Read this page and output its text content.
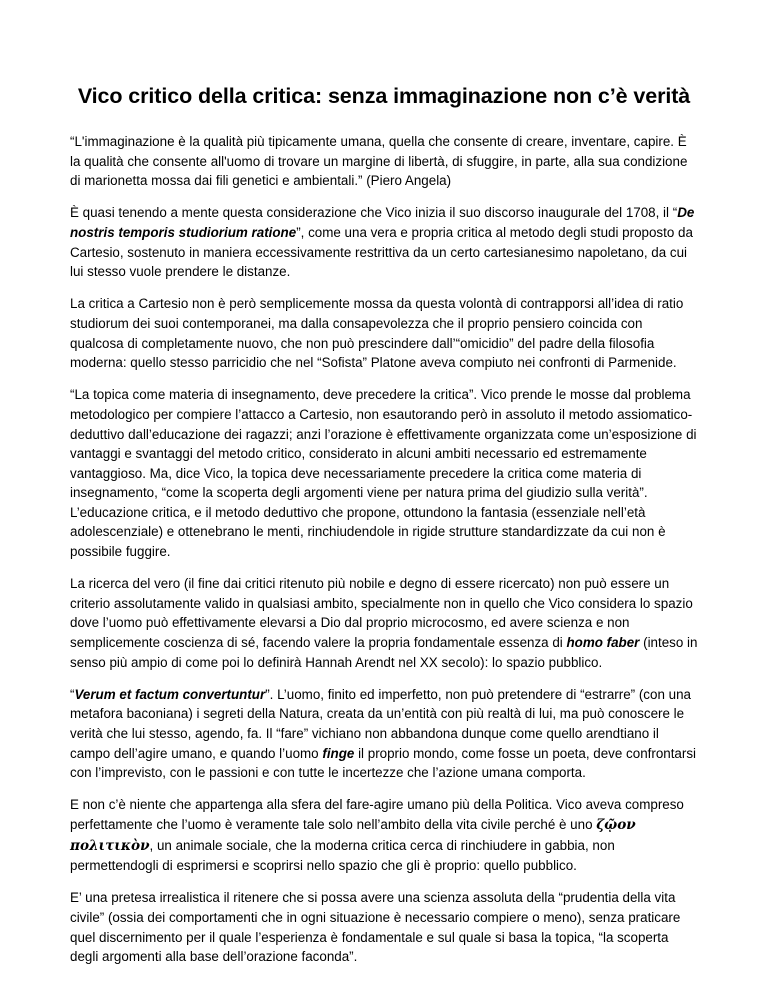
Vico critico della critica: senza immaginazione non c’è verità

“L'immaginazione è la qualità più tipicamente umana, quella che consente di creare, inventare, capire. È la qualità che consente all'uomo di trovare un margine di libertà, di sfuggire, in parte, alla sua condizione di marionetta mossa dai fili genetici e ambientali.” (Piero Angela)

È quasi tenendo a mente questa considerazione che Vico inizia il suo discorso inaugurale del 1708, il “De nostris temporis studiorium ratione”, come una vera e propria critica al metodo degli studi proposto da Cartesio, sostenuto in maniera eccessivamente restrittiva da un certo cartesianesimo napoletano, da cui lui stesso vuole prendere le distanze.

La critica a Cartesio non è però semplicemente mossa da questa volontà di contrapporsi all’idea di ratio studiorum dei suoi contemporanei, ma dalla consapevolezza che il proprio pensiero coincida con qualcosa di completamente nuovo, che non può prescindere dall’“omicidio” del padre della filosofia moderna: quello stesso parricidio che nel “Sofista” Platone aveva compiuto nei confronti di Parmenide.

“La topica come materia di insegnamento, deve precedere la critica”. Vico prende le mosse dal problema metodologico per compiere l’attacco a Cartesio, non esautorando però in assoluto il metodo assiomatico-deduttivo dall’educazione dei ragazzi; anzi l’orazione è effettivamente organizzata come un’esposizione di vantaggi e svantaggi del metodo critico, considerato in alcuni ambiti necessario ed estremamente vantaggioso. Ma, dice Vico, la topica deve necessariamente precedere la critica come materia di insegnamento, “come la scoperta degli argomenti viene per natura prima del giudizio sulla verità”. L’educazione critica, e il metodo deduttivo che propone, ottundono la fantasia (essenziale nell’età adolescenziale) e ottenebrano le menti, rinchiudendole in rigide strutture standardizzate da cui non è possibile fuggire.

La ricerca del vero (il fine dai critici ritenuto più nobile e degno di essere ricercato) non può essere un criterio assolutamente valido in qualsiasi ambito, specialmente non in quello che Vico considera lo spazio dove l’uomo può effettivamente elevarsi a Dio dal proprio microcosmo, ed avere scienza e non semplicemente coscienza di sé, facendo valere la propria fondamentale essenza di homo faber (inteso in senso più ampio di come poi lo definirà Hannah Arendt nel XX secolo): lo spazio pubblico.

“Verum et factum convertuntur”. L’uomo, finito ed imperfetto, non può pretendere di “estrarre” (con una metafora baconiana) i segreti della Natura, creata da un’entità con più realtà di lui, ma può conoscere le verità che lui stesso, agendo, fa. Il “fare” vichiano non abbandona dunque come quello arendtiano il campo dell’agire umano, e quando l’uomo finge il proprio mondo, come fosse un poeta, deve confrontarsi con l’imprevisto, con le passioni e con tutte le incertezze che l’azione umana comporta.

E non c’è niente che appartenga alla sfera del fare-agire umano più della Politica. Vico aveva compreso perfettamente che l’uomo è veramente tale solo nell’ambito della vita civile perché è uno ζῷον πολιτικὸν, un animale sociale, che la moderna critica cerca di rinchiudere in gabbia, non permettendogli di esprimersi e scoprirsi nello spazio che gli è proprio: quello pubblico.

E’ una pretesa irrealistica il ritenere che si possa avere una scienza assoluta della “prudentia della vita civile” (ossia dei comportamenti che in ogni situazione è necessario compiere o meno), senza praticare quel discernimento per il quale l’esperienza è fondamentale e sul quale si basa la topica, “la scoperta degli argomenti alla base dell’orazione faconda”.
